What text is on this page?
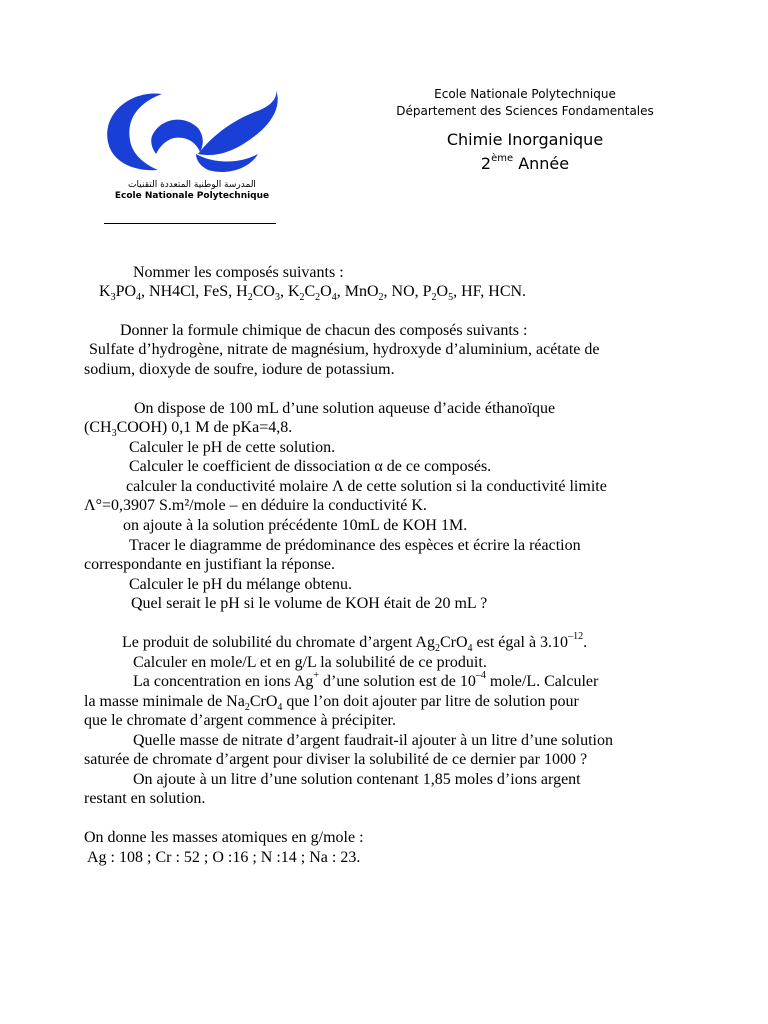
المدرسة الوطنية المتعددة التقنيات
Ecole Nationale Polytechnique
Ecole Nationale Polytechnique
Département des Sciences Fondamentales
Chimie Inorganique
2ème Année
Nommer les composés suivants :
$K_3PO_4$, NH4Cl, FeS, $H_2CO_3$, $K_2C_2O_4$, MnO$_2$, NO, $P_2O_5$, HF, HCN.
Donner la formule chimique de chacun des composés suivants :
Sulfate d’hydrogène, nitrate de magnésium, hydroxyde d’aluminium, acétate de
sodium, dioxyde de soufre, iodure de potassium.
On dispose de 100 mL d’une solution aqueuse d’acide éthanoïque
$(CH_3COOH)$ 0,1 M de pKa=4,8.
Calculer le pH de cette solution.
Calculer le coefficient de dissociation α de ce composés.
calculer la conductivité molaire Λ de cette solution si la conductivité limite
Λ°=0,3907 S.m²/mole – en déduire la conductivité K.
on ajoute à la solution précédente 10mL de KOH 1M.
Tracer le diagramme de prédominance des espèces et écrire la réaction
correspondante en justifiant la réponse.
Calculer le pH du mélange obtenu.
Quel serait le pH si le volume de KOH était de 20 mL ?
Le produit de solubilité du chromate d’argent $Ag_2CrO_4$ est égal à $3.10^{-12}$.
Calculer en mole/L et en g/L la solubilité de ce produit.
La concentration en ions Ag+ d’une solution est de $10^{-4}$ mole/L. Calculer
la masse minimale de $Na_2CrO_4$ que l’on doit ajouter par litre de solution pour
que le chromate d’argent commence à précipiter.
Quelle masse de nitrate d’argent faudrait-il ajouter à un litre d’une solution
saturée de chromate d’argent pour diviser la solubilité de ce dernier par 1000 ?
On ajoute à un litre d’une solution contenant 1,85 moles d’ions argent
restant en solution.
On donne les masses atomiques en g/mole :
Ag : 108 ; Cr : 52 ; O :16 ; N :14 ; Na : 23.
